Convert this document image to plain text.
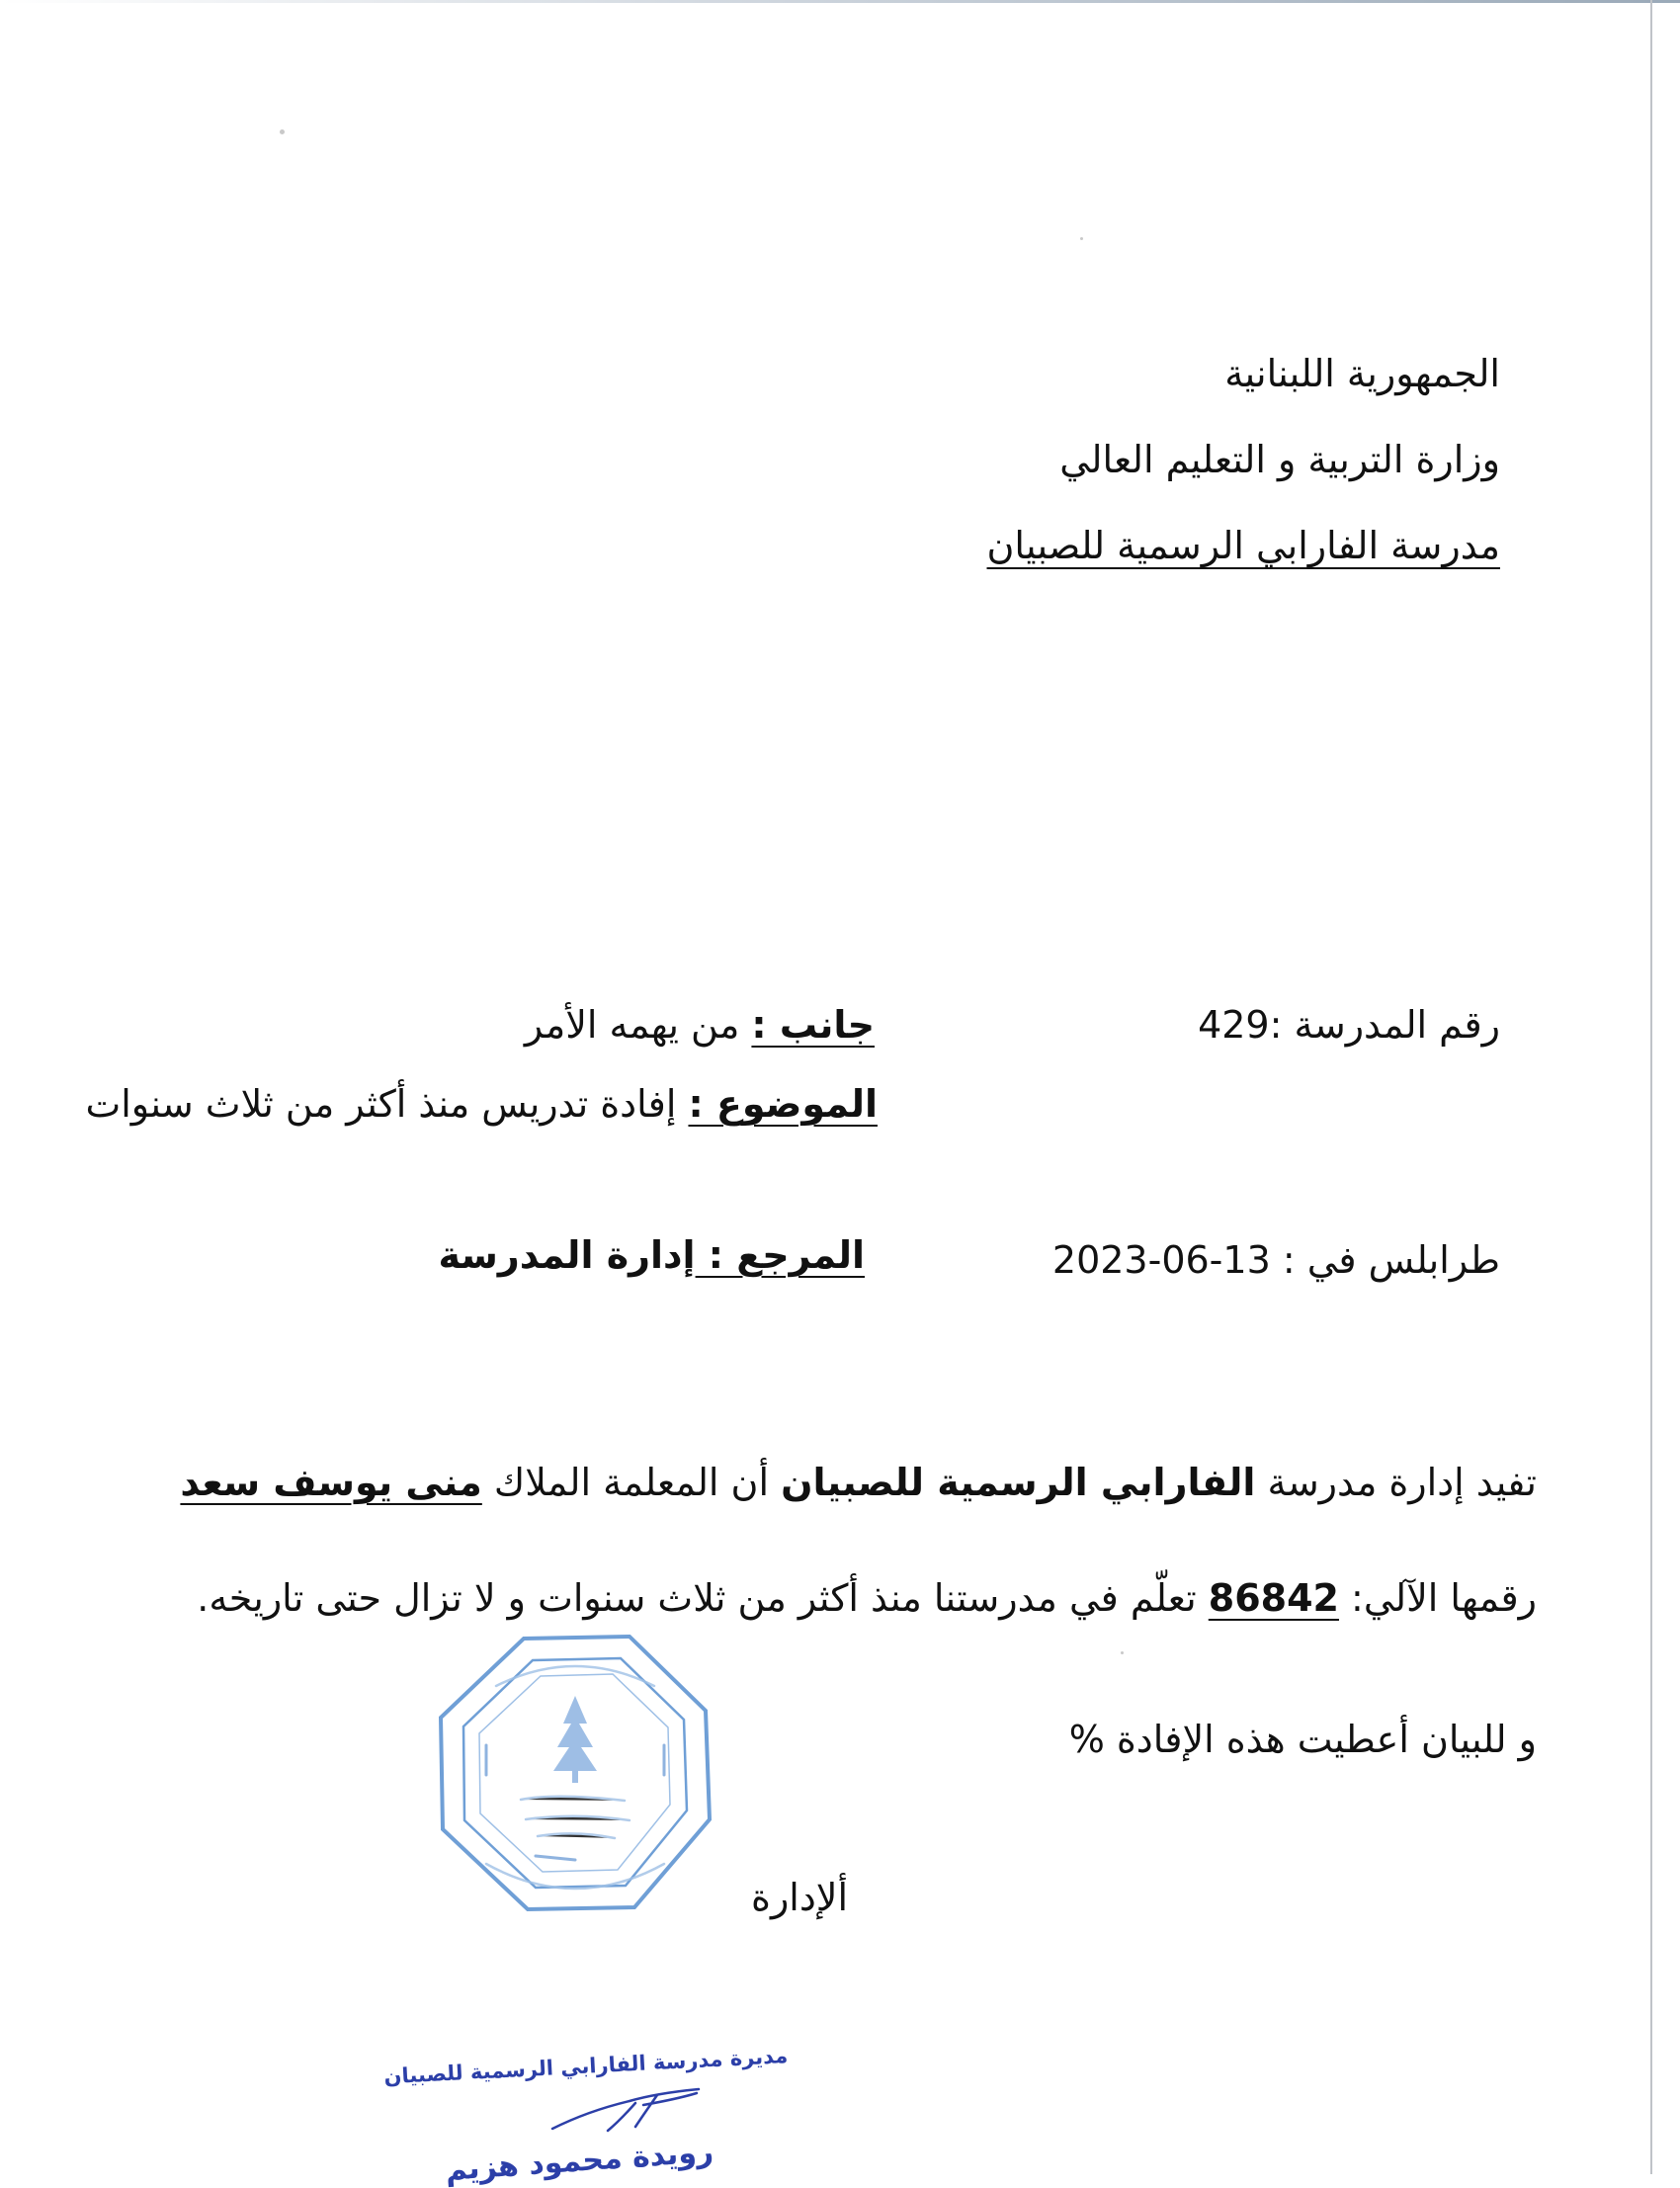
الجمهورية اللبنانية
وزارة التربية و التعليم العالي
مدرسة الفارابي الرسمية للصبيان
رقم المدرسة :429
جانب : من يهمه الأمر
الموضوع : إفادة تدريس منذ أكثر من ثلاث سنوات
طرابلس في : 2023-06-13
المرجع : إدارة المدرسة
تفيد إدارة مدرسة الفارابي الرسمية للصبيان أن المعلمة الملاك منى يوسف سعد
رقمها الآلي: 86842 تعلّم في مدرستنا منذ أكثر من ثلاث سنوات و لا تزال حتى تاريخه.
و للبيان أعطيت هذه الإفادة %
ألإدارة
مديرة مدرسة الفارابي الرسمية للصبيان
رويدة محمود هزيم
